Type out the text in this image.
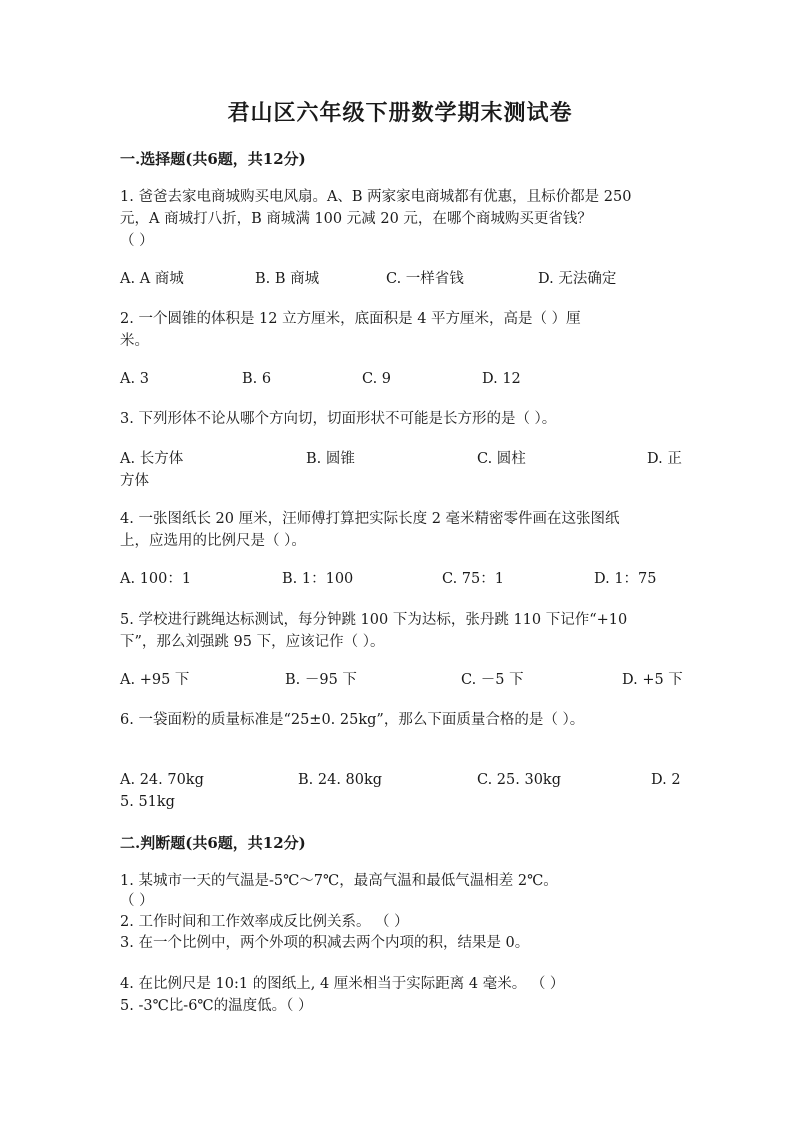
君山区六年级下册数学期末测试卷
一.选择题(共6题，共12分)
1. 爸爸去家电商城购买电风扇。A、B 两家家电商城都有优惠，且标价都是 250
元，A 商城打八折，B 商城满 100 元减 20 元，在哪个商城购买更省钱？
（ ）
A. A 商城	B. B 商城	C. 一样省钱	D. 无法确定
2. 一个圆锥的体积是 12 立方厘米，底面积是 4 平方厘米，高是（ ）厘
米。
A. 3	B. 6	C. 9	D. 12
3. 下列形体不论从哪个方向切，切面形状不可能是长方形的是（ ）。
A. 长方体	B. 圆锥	C. 圆柱	D. 正
方体
4. 一张图纸长 20 厘米，汪师傅打算把实际长度 2 毫米精密零件画在这张图纸
上，应选用的比例尺是（ ）。
A. 100：1	B. 1：100	C. 75：1	D. 1：75
5. 学校进行跳绳达标测试，每分钟跳 100 下为达标，张丹跳 110 下记作“+10
下”，那么刘强跳 95 下，应该记作（ ）。
A. +95 下	B. －95 下	C. －5 下	D. +5 下
6. 一袋面粉的质量标准是“25±0. 25kg”，那么下面质量合格的是（ ）。
A. 24. 70kg	B. 24. 80kg	C. 25. 30kg	D. 2
5. 51kg
二.判断题(共6题，共12分)
1. 某城市一天的气温是-5℃～7℃，最高气温和最低气温相差 2℃。
（ ）
2. 工作时间和工作效率成反比例关系。 （ ）
3. 在一个比例中，两个外项的积减去两个内项的积，结果是 0。
4. 在比例尺是 10:1 的图纸上, 4 厘米相当于实际距离 4 毫米。 （ ）
5. -3℃比-6℃的温度低。（ ）
